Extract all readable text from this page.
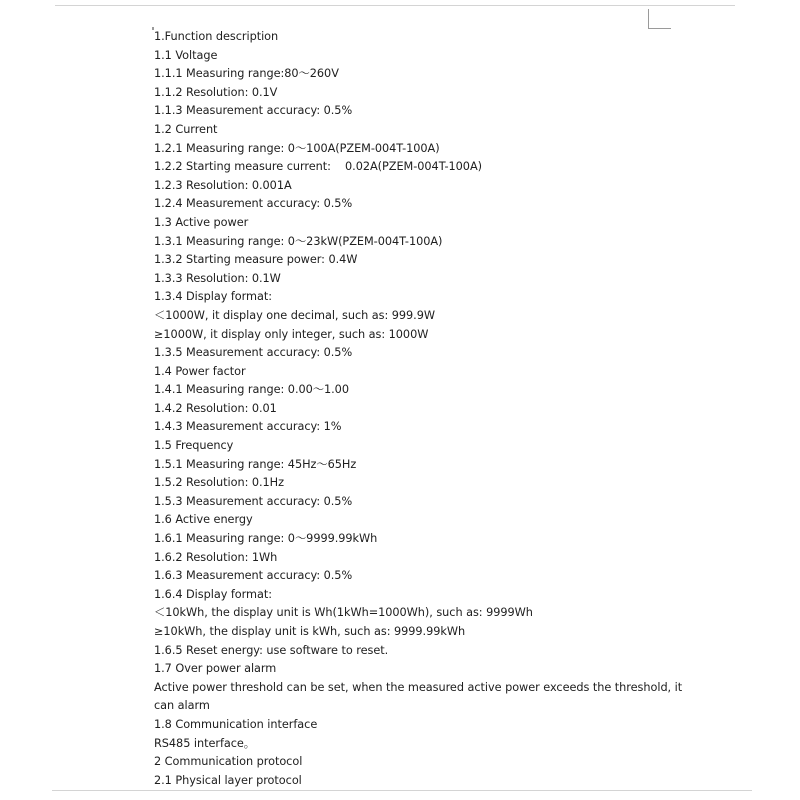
1.Function description
1.1 Voltage
1.1.1 Measuring range:80～260V
1.1.2 Resolution: 0.1V
1.1.3 Measurement accuracy: 0.5%
1.2 Current
1.2.1 Measuring range: 0～100A(PZEM-004T-100A)
1.2.2 Starting measure current:    0.02A(PZEM-004T-100A)
1.2.3 Resolution: 0.001A
1.2.4 Measurement accuracy: 0.5%
1.3 Active power
1.3.1 Measuring range: 0～23kW(PZEM-004T-100A)
1.3.2 Starting measure power: 0.4W
1.3.3 Resolution: 0.1W
1.3.4 Display format:
＜1000W, it display one decimal, such as: 999.9W
≥1000W, it display only integer, such as: 1000W
1.3.5 Measurement accuracy: 0.5%
1.4 Power factor
1.4.1 Measuring range: 0.00～1.00
1.4.2 Resolution: 0.01
1.4.3 Measurement accuracy: 1%
1.5 Frequency
1.5.1 Measuring range: 45Hz～65Hz
1.5.2 Resolution: 0.1Hz
1.5.3 Measurement accuracy: 0.5%
1.6 Active energy
1.6.1 Measuring range: 0～9999.99kWh
1.6.2 Resolution: 1Wh
1.6.3 Measurement accuracy: 0.5%
1.6.4 Display format:
＜10kWh, the display unit is Wh(1kWh=1000Wh), such as: 9999Wh
≥10kWh, the display unit is kWh, such as: 9999.99kWh
1.6.5 Reset energy: use software to reset.
1.7 Over power alarm
Active power threshold can be set, when the measured active power exceeds the threshold, it
can alarm
1.8 Communication interface
RS485 interface。
2 Communication protocol
2.1 Physical layer protocol
